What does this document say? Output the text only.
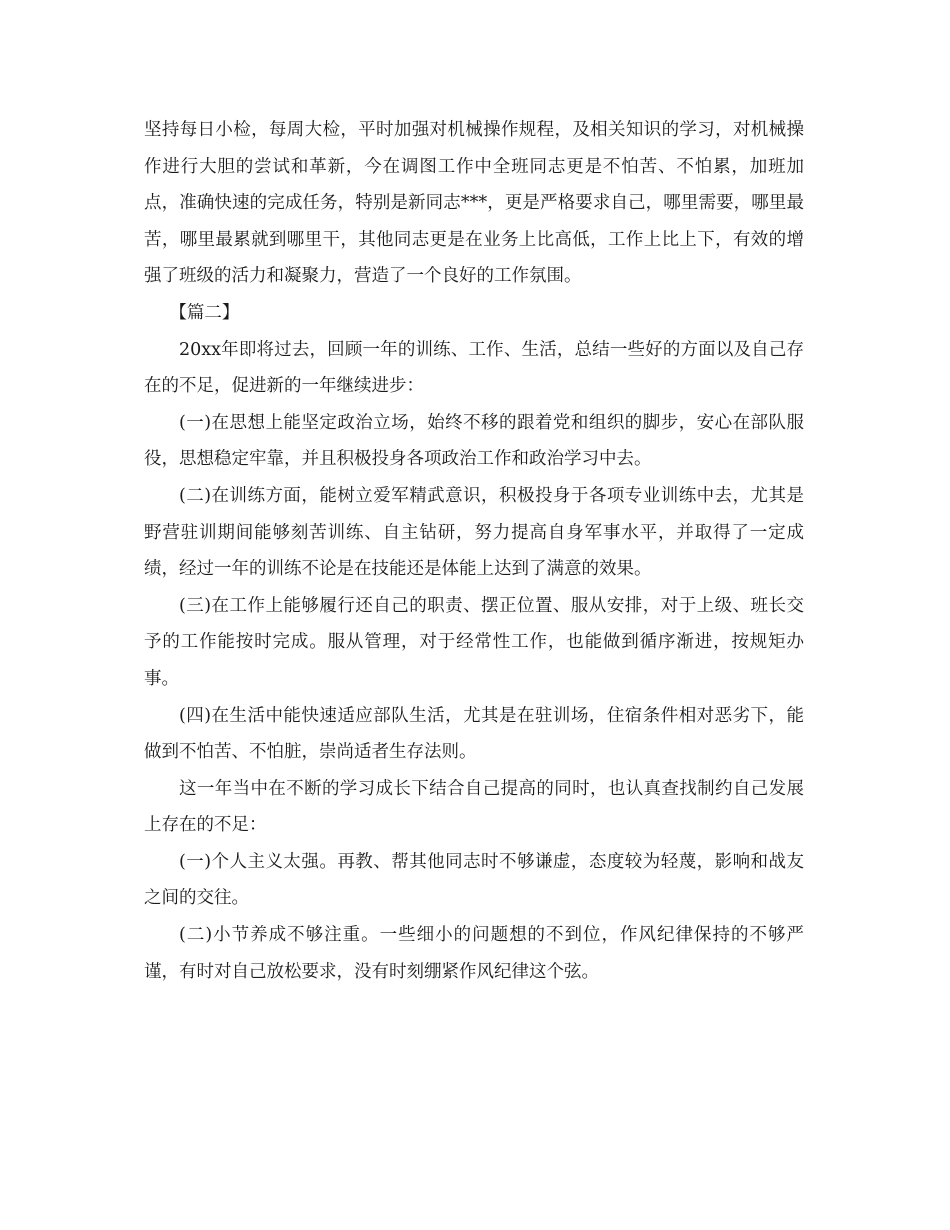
坚持每日小检，每周大检，平时加强对机械操作规程，及相关知识的学习，对机械操作进行大胆的尝试和革新，今在调图工作中全班同志更是不怕苦、不怕累，加班加点，准确快速的完成任务，特别是新同志***，更是严格要求自己，哪里需要，哪里最苦，哪里最累就到哪里干，其他同志更是在业务上比高低，工作上比上下，有效的增强了班级的活力和凝聚力，营造了一个良好的工作氛围。

【篇二】

20xx年即将过去，回顾一年的训练、工作、生活，总结一些好的方面以及自己存在的不足，促进新的一年继续进步：

(一)在思想上能坚定政治立场，始终不移的跟着党和组织的脚步，安心在部队服役，思想稳定牢靠，并且积极投身各项政治工作和政治学习中去。

(二)在训练方面，能树立爱军精武意识，积极投身于各项专业训练中去，尤其是野营驻训期间能够刻苦训练、自主钻研，努力提高自身军事水平，并取得了一定成绩，经过一年的训练不论是在技能还是体能上达到了满意的效果。

(三)在工作上能够履行还自己的职责、摆正位置、服从安排，对于上级、班长交予的工作能按时完成。服从管理，对于经常性工作，也能做到循序渐进，按规矩办事。

(四)在生活中能快速适应部队生活，尤其是在驻训场，住宿条件相对恶劣下，能做到不怕苦、不怕脏，崇尚适者生存法则。

这一年当中在不断的学习成长下结合自己提高的同时，也认真查找制约自己发展上存在的不足：

(一)个人主义太强。再教、帮其他同志时不够谦虚，态度较为轻蔑，影响和战友之间的交往。

(二)小节养成不够注重。一些细小的问题想的不到位，作风纪律保持的不够严谨，有时对自己放松要求，没有时刻绷紧作风纪律这个弦。
